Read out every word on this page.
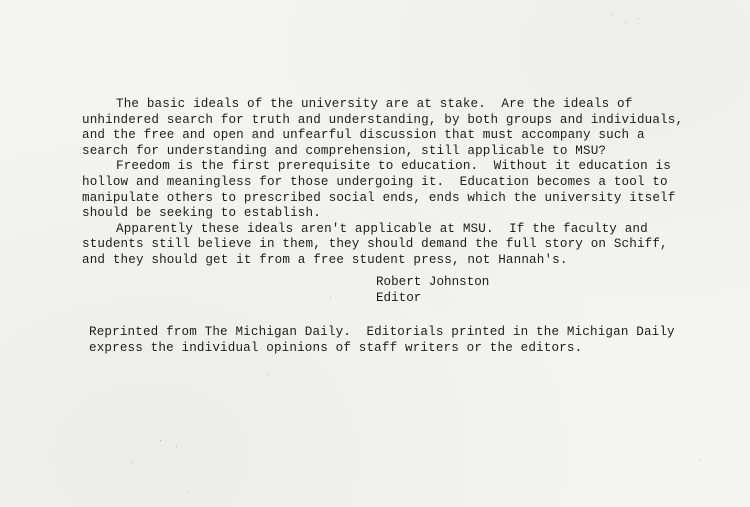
The basic ideals of the university are at stake.  Are the ideals of
unhindered search for truth and understanding, by both groups and individuals,
and the free and open and unfearful discussion that must accompany such a
search for understanding and comprehension, still applicable to MSU?
Freedom is the first prerequisite to education.  Without it education is
hollow and meaningless for those undergoing it.  Education becomes a tool to
manipulate others to prescribed social ends, ends which the university itself
should be seeking to establish.
Apparently these ideals aren't applicable at MSU.  If the faculty and
students still believe in them, they should demand the full story on Schiff,
and they should get it from a free student press, not Hannah's.
Robert Johnston
Editor
Reprinted from The Michigan Daily.  Editorials printed in the Michigan Daily
express the individual opinions of staff writers or the editors.
